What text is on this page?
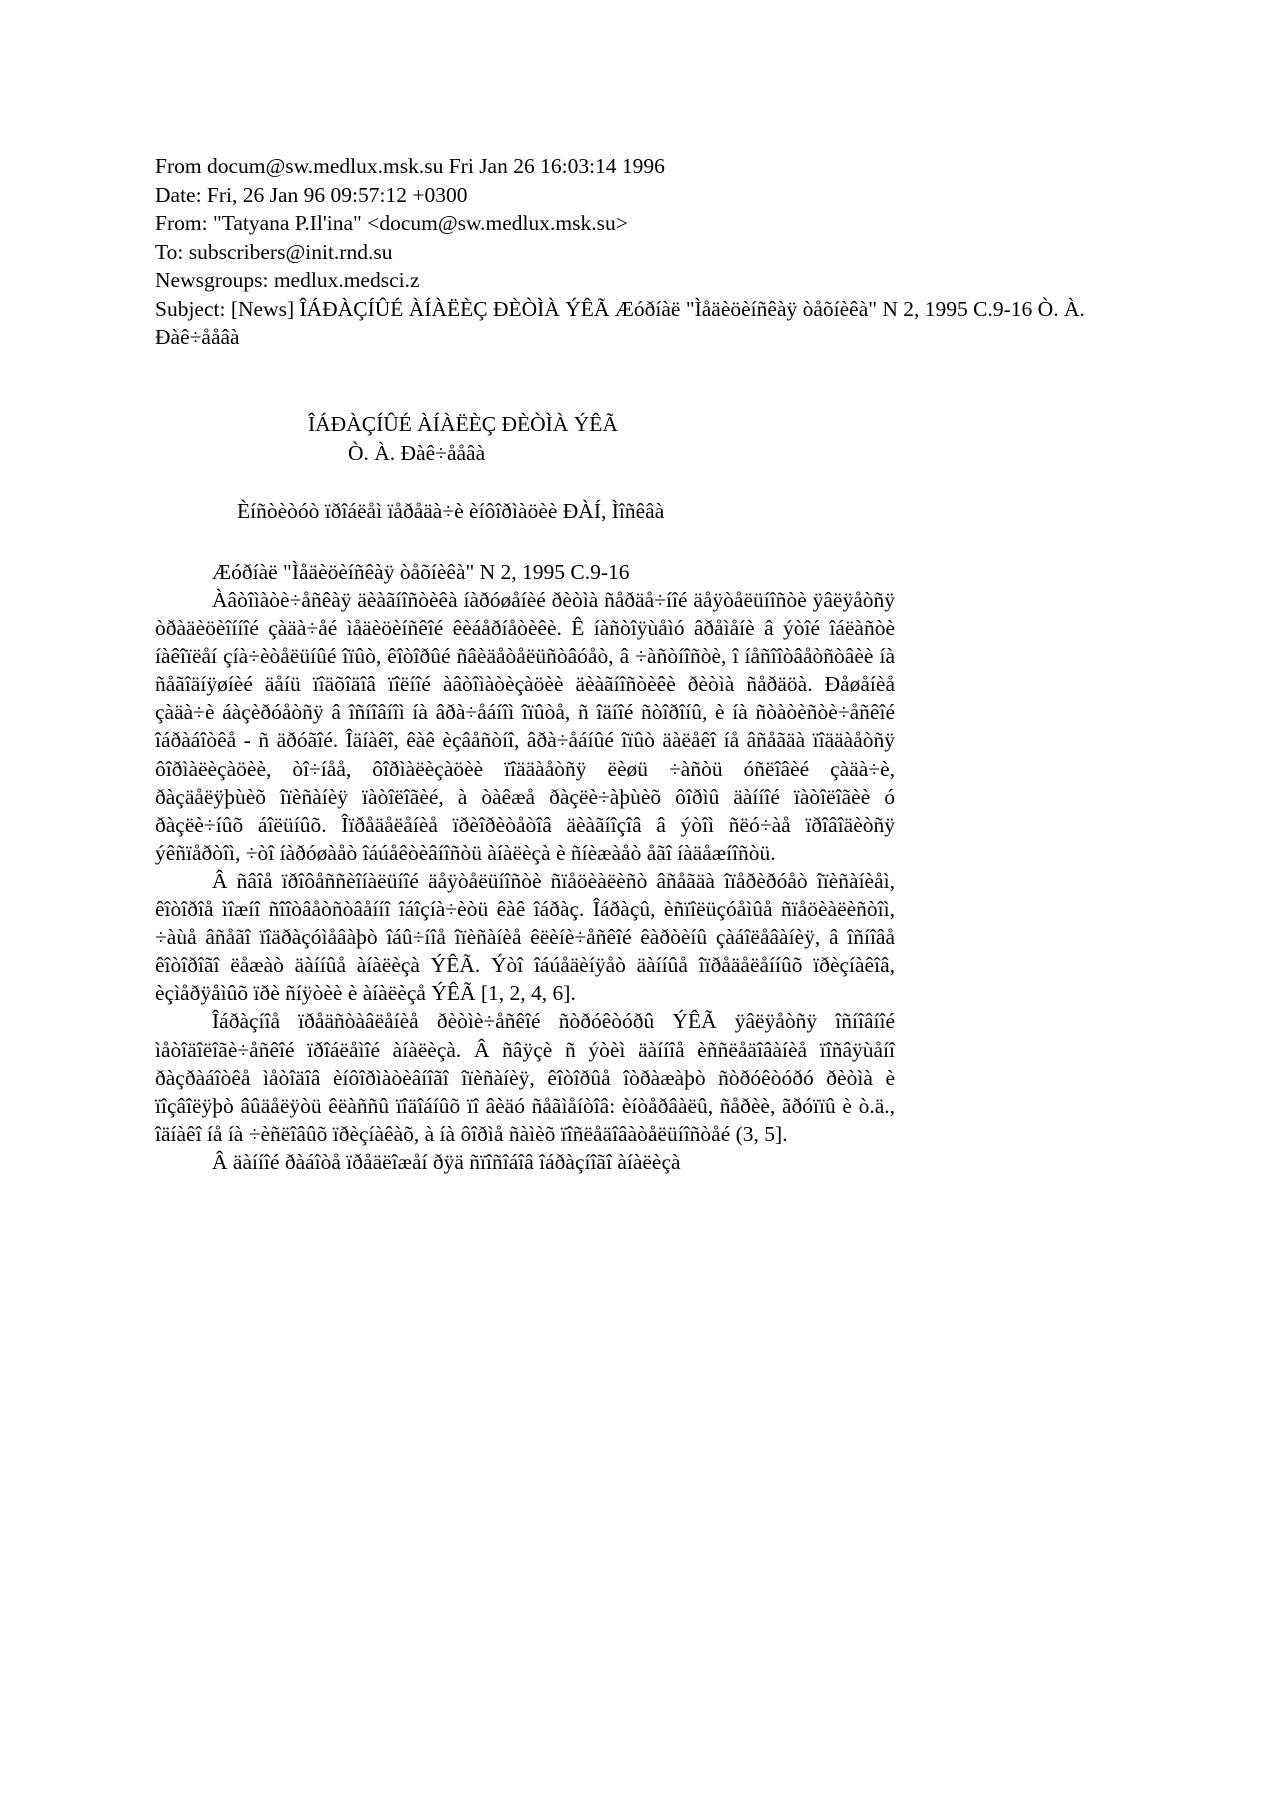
From docum@sw.medlux.msk.su Fri Jan 26 16:03:14 1996
Date: Fri, 26 Jan 96 09:57:12 +0300
From: "Tatyana P.Il'ina" <docum@sw.medlux.msk.su>
To: subscribers@init.rnd.su
Newsgroups: medlux.medsci.z
Subject: [News] ÎÁÐÀÇÍÛÉ ÀÍÀËÈÇ ÐÈÒÌÀ ÝÊÃ Æóðíàë "Ìåäèöèíñêàÿ òåõíèêà" N 2, 1995 C.9-16 Ò. À. Ðàê÷ååâà
ÎÁÐÀÇÍÛÉ ÀÍÀËÈÇ ÐÈÒÌÀ ÝÊÃ
Ò. À. Ðàê÷ååâà
Èíñòèòóò ïðîáëåì ïåðåäà÷è èíôîðìàöèè ÐÀÍ, Ìîñêâà
Æóðíàë "Ìåäèöèíñêàÿ òåõíèêà" N 2, 1995 C.9-16

Àâòîìàòè÷åñêàÿ äèàãíîñòèêà íàðóøåíèé ðèòìà ñåðäå÷íîé äåÿòåëüíîñòè ÿâëÿåòñÿ òðàäèöèîííîé çàäà÷åé ìåäèöèíñêîé êèáåðíåòèêè. Ê íàñòîÿùåìó âðåìåíè â ýòîé îáëàñòè íàêîïëåí çíà÷èòåëüíûé îïûò, êîòîðûé ñâèäåòåëüñòâóåò, â ÷àñòíîñòè, î íåñîîòâåòñòâèè íà ñåãîäíÿøíèé äåíü ïîäõîäîâ ïîëíîé àâòîìàòèçàöèè äèàãíîñòèêè ðèòìà ñåðäöà. Ðåøåíèå çàäà÷è áàçèðóåòñÿ â îñíîâíîì íà âðà÷åáíîì îïûòå, ñ îäíîé ñòîðîíû, è íà ñòàòèñòè÷åñêîé îáðàáîòêå - ñ äðóãîé. Îäíàêî, êàê èçâåñòíî, âðà÷åáíûé îïûò äàëåêî íå âñåãäà ïîääàåòñÿ ôîðìàëèçàöèè, òî÷íåå, ôîðìàëèçàöèè ïîääàåòñÿ ëèøü ÷àñòü óñëîâèé çàäà÷è, ðàçäåëÿþùèõ îïèñàíèÿ ïàòîëîãèé, à òàêæå ðàçëè÷àþùèõ ôîðìû äàííîé ïàòîëîãèè ó ðàçëè÷íûõ áîëüíûõ. Îïðåäåëåíèå ïðèîðèòåòîâ äèàãíîçîâ â ýòîì ñëó÷àå ïðîâîäèòñÿ ýêñïåðòîì, ÷òî íàðóøàåò îáúåêòèâíîñòü àíàëèçà è ñíèæàåò åãî íàäåæíîñòü.

Â ñâîå ïðîôåññèîíàëüíîé äåÿòåëüíîñòè ñïåöèàëèñò âñåãäà îïåðèðóåò îïèñàíèåì, êîòîðîå ìîæíî ñîîòâåòñòâåííî îáîçíà÷èòü êàê îáðàç. Îáðàçû, èñïîëüçóåìûå ñïåöèàëèñòîì, ÷àùå âñåãî ïîäðàçóìåâàþò îáû÷íîå îïèñàíèå êëèíè÷åñêîé êàðòèíû çàáîëåâàíèÿ, â îñíîâå êîòîðîãî ëåæàò äàííûå àíàëèçà ÝÊÃ. Ýòî îáúåäèíÿåò äàííûå îïðåäåëåííûõ ïðèçíàêîâ, èçìåðÿåìûõ ïðè ñíÿòèè è àíàëèçå ÝÊÃ [1, 2, 4, 6].

Îáðàçíîå ïðåäñòàâëåíèå ðèòìè÷åñêîé ñòðóêòóðû ÝÊÃ ÿâëÿåòñÿ îñíîâíîé ìåòîäîëîãè÷åñêîé ïðîáëåìîé àíàëèçà. Â ñâÿçè ñ ýòèì äàííîå èññëåäîâàíèå ïîñâÿùåíî ðàçðàáîòêå ìåòîäîâ èíôîðìàòèâíîãî îïèñàíèÿ, êîòîðûå îòðàæàþò ñòðóêòóðó ðèòìà è ïîçâîëÿþò âûäåëÿòü êëàññû ïîäîáíûõ ïî âèäó ñåãìåíòîâ: èíòåðâàëû, ñåðèè, ãðóïïû è ò.ä., îäíàêî íå íà ÷èñëîâûõ ïðèçíàêàõ, à íà ôîðìå ñàìèõ ïîñëåäîâàòåëüíîñòåé (3, 5].

Â äàííîé ðàáîòå ïðåäëîæåí ðÿä ñïîñîáîâ îáðàçíîãî àíàëèçà
